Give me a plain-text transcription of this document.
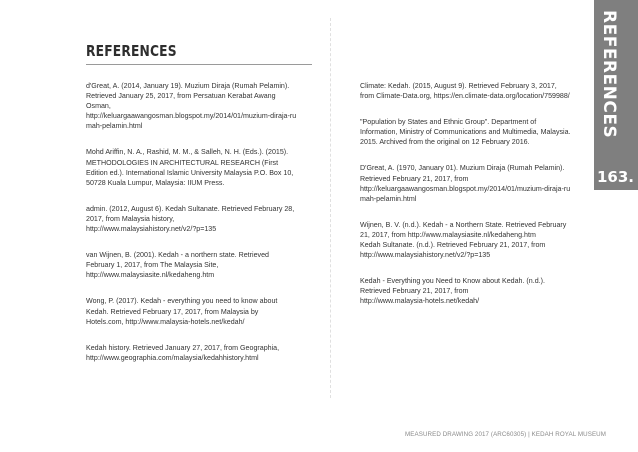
REFERENCES	REFERENCES
163.

d'Great, A. (2014, January 19). Muzium Diraja (Rumah Pelamin).
Retrieved January 25, 2017, from Persatuan Kerabat Awang
Osman,
http://keluargaawangosman.blogspot.my/2014/01/muzium-diraja-ru
mah-pelamin.html

Mohd Ariffin, N. A., Rashid, M. M., & Salleh, N. H. (Eds.). (2015).
METHODOLOGIES IN ARCHITECTURAL RESEARCH (First
Edition ed.). International Islamic University Malaysia P.O. Box 10,
50728 Kuala Lumpur, Malaysia: IIUM Press.

admin. (2012, August 6). Kedah Sultanate. Retrieved February 28,
2017, from Malaysia history,
http://www.malaysiahistory.net/v2/?p=135

van Wijnen, B. (2001). Kedah - a northern state. Retrieved
February 1, 2017, from The Malaysia Site,
http://www.malaysiasite.nl/kedaheng.htm

Wong, P. (2017). Kedah - everything you need to know about
Kedah. Retrieved February 17, 2017, from Malaysia by
Hotels.com, http://www.malaysia-hotels.net/kedah/

Kedah history. Retrieved January 27, 2017, from Geographia,
http://www.geographia.com/malaysia/kedahhistory.html

Climate: Kedah. (2015, August 9). Retrieved February 3, 2017,
from Climate-Data.org, https://en.climate-data.org/location/759988/

"Population by States and Ethnic Group". Department of
Information, Ministry of Communications and Multimedia, Malaysia.
2015. Archived from the original on 12 February 2016.

D'Great, A. (1970, January 01). Muzium Diraja (Rumah Pelamin).
Retrieved February 21, 2017, from
http://keluargaawangosman.blogspot.my/2014/01/muzium-diraja-ru
mah-pelamin.html

Wijnen, B. V. (n.d.). Kedah - a Northern State. Retrieved February
21, 2017, from http://www.malaysiasite.nl/kedaheng.htm
Kedah Sultanate. (n.d.). Retrieved February 21, 2017, from
http://www.malaysiahistory.net/v2/?p=135

Kedah - Everything you Need to Know about Kedah. (n.d.).
Retrieved February 21, 2017, from
http://www.malaysia-hotels.net/kedah/

MEASURED DRAWING 2017 (ARC60305) | KEDAH ROYAL MUSEUM
